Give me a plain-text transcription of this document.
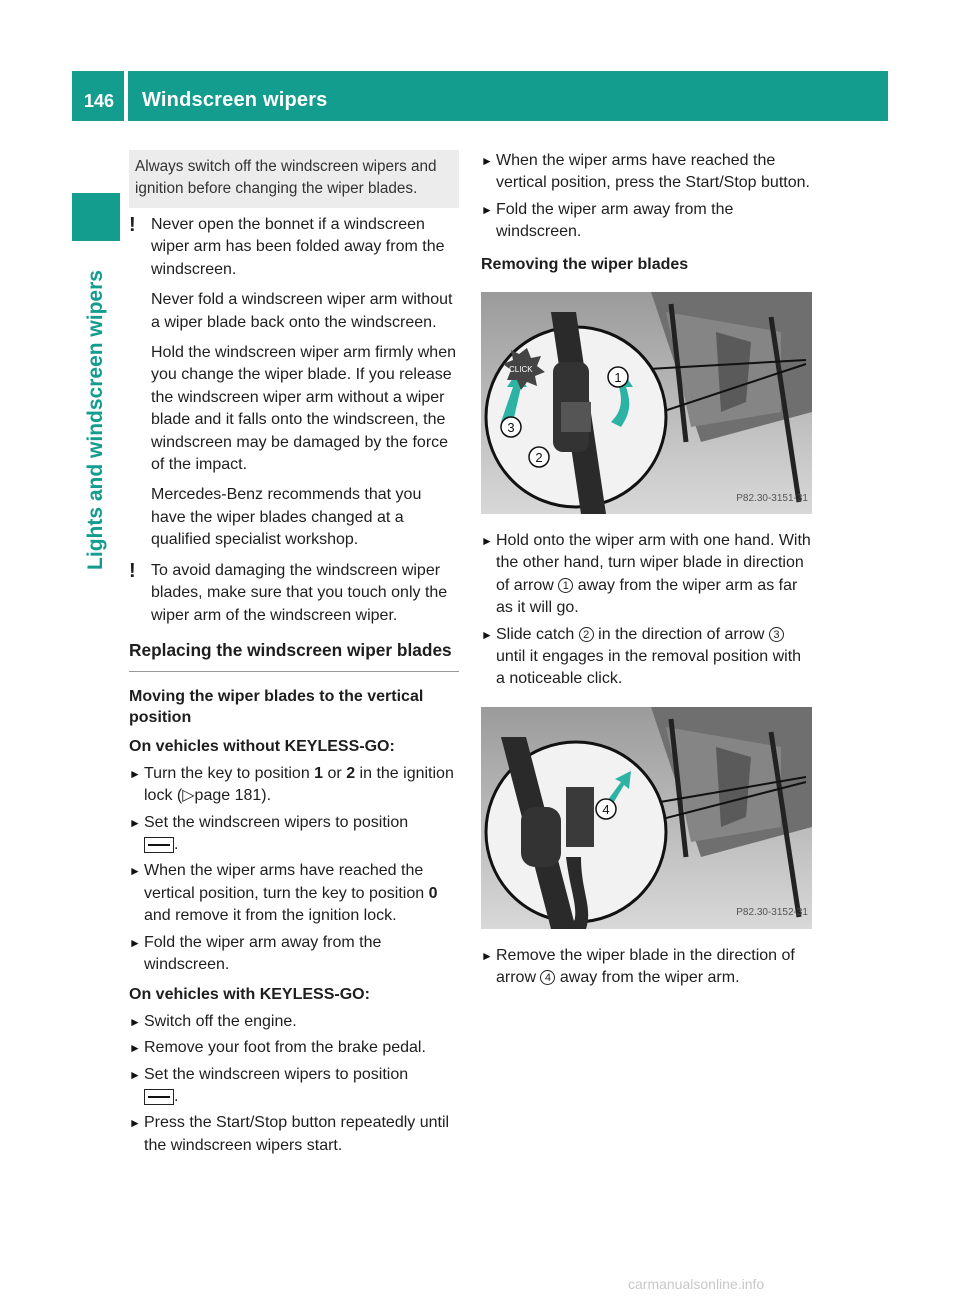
146 Windscreen wipers
Lights and windscreen wipers
Always switch off the windscreen wipers and ignition before changing the wiper blades.
! Never open the bonnet if a windscreen wiper arm has been folded away from the windscreen.

Never fold a windscreen wiper arm without a wiper blade back onto the windscreen.

Hold the windscreen wiper arm firmly when you change the wiper blade. If you release the windscreen wiper arm without a wiper blade and it falls onto the windscreen, the windscreen may be damaged by the force of the impact.

Mercedes-Benz recommends that you have the wiper blades changed at a qualified specialist workshop.

! To avoid damaging the windscreen wiper blades, make sure that you touch only the wiper arm of the windscreen wiper.

Replacing the windscreen wiper blades
Moving the wiper blades to the vertical position
On vehicles without KEYLESS-GO:
► Turn the key to position 1 or 2 in the ignition lock (▷page 181).
► Set the windscreen wipers to position
.
► When the wiper arms have reached the vertical position, turn the key to position 0 and remove it from the ignition lock.
► Fold the wiper arm away from the windscreen.
On vehicles with KEYLESS-GO:
► Switch off the engine.
► Remove your foot from the brake pedal.
► Set the windscreen wipers to position
.
► Press the Start/Stop button repeatedly until the windscreen wipers start.
► When the wiper arms have reached the vertical position, press the Start/Stop button.
► Fold the wiper arm away from the windscreen.
Removing the wiper blades
CLICK
1
2
3
P82.30-3151-31
► Hold onto the wiper arm with one hand. With the other hand, turn wiper blade in direction of arrow 1 away from the wiper arm as far as it will go.
► Slide catch 2 in the direction of arrow 3 until it engages in the removal position with a noticeable click.
4
P82.30-3152-31
► Remove the wiper blade in the direction of arrow 4 away from the wiper arm.
carmanualsonline.info
